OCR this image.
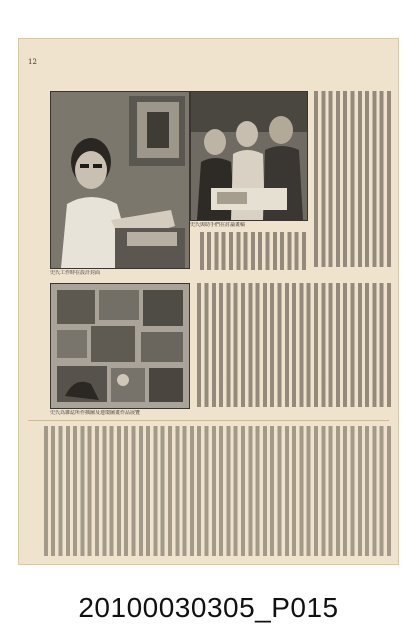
12
史氏工作時在設計封面
史氏與助手們在討論畫稿
史氏為雜誌所作插圖及連環圖畫作品展覽
20100030305_P015
